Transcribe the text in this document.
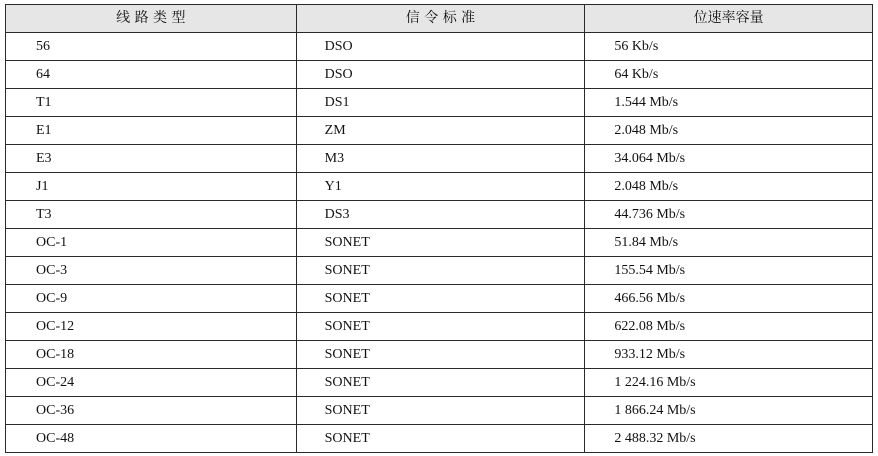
线 路 类 型	信 令 标 准	位速率容量
56	DSO	56 Kb/s
64	DSO	64 Kb/s
T1	DS1	1.544 Mb/s
E1	ZM	2.048 Mb/s
E3	M3	34.064 Mb/s
J1	Y1	2.048 Mb/s
T3	DS3	44.736 Mb/s
OC-1	SONET	51.84 Mb/s
OC-3	SONET	155.54 Mb/s
OC-9	SONET	466.56 Mb/s
OC-12	SONET	622.08 Mb/s
OC-18	SONET	933.12 Mb/s
OC-24	SONET	1 224.16 Mb/s
OC-36	SONET	1 866.24 Mb/s
OC-48	SONET	2 488.32 Mb/s
